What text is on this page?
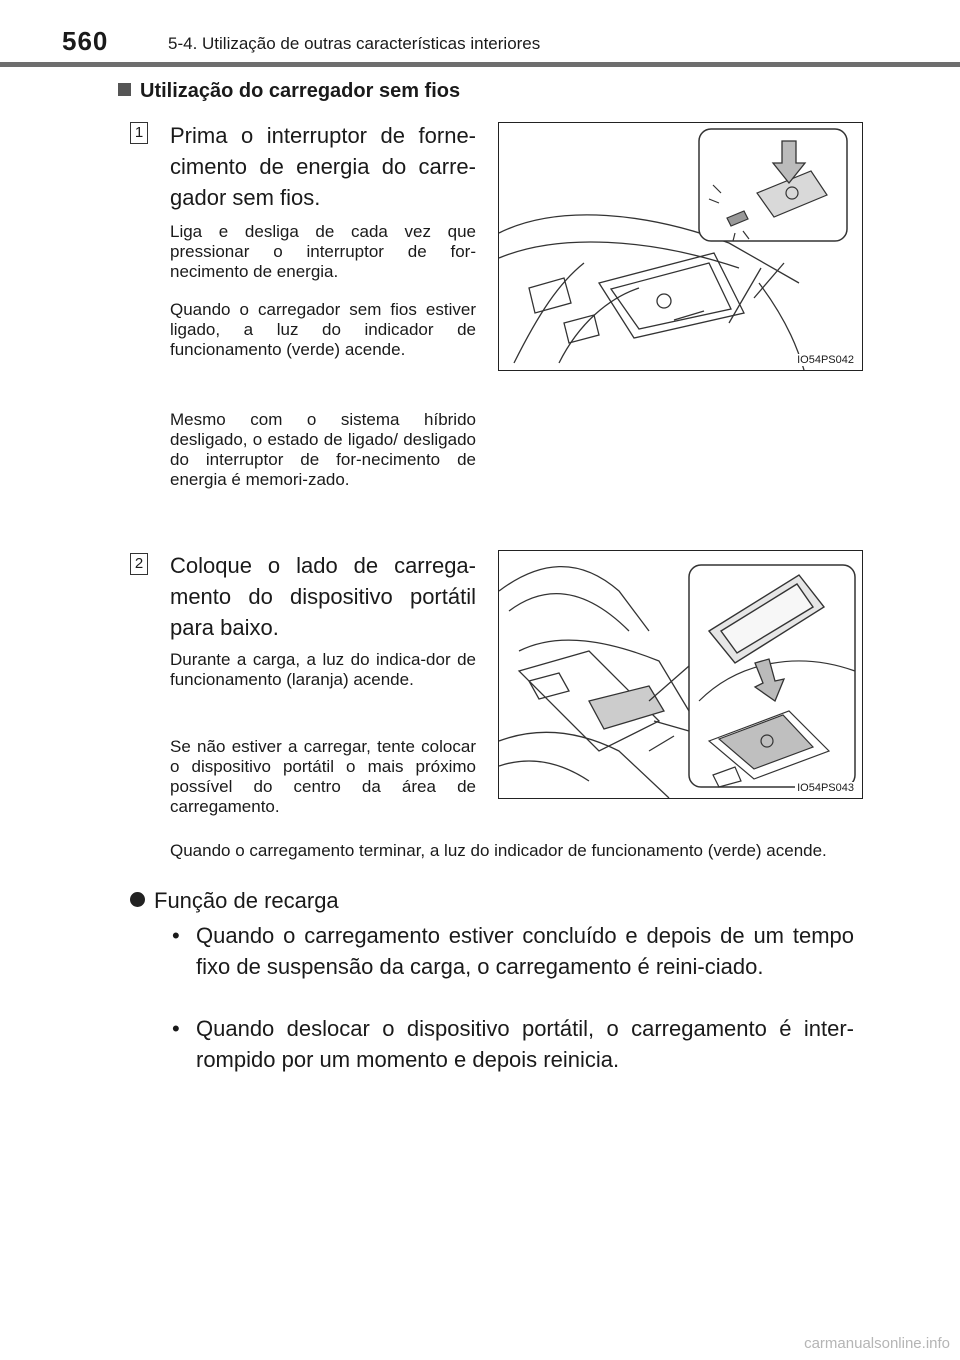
560	5-4. Utilização de outras características interiores
Utilização do carregador sem fios
1 Prima o interruptor de forne-cimento de energia do carre-gador sem fios.
Liga e desliga de cada vez que pressionar o interruptor de for-necimento de energia.
Quando o carregador sem fios estiver ligado, a luz do indicador de funcionamento (verde) acende.
Mesmo com o sistema híbrido desligado, o estado de ligado/ desligado do interruptor de for-necimento de energia é memori-zado.
IO54PS042
2 Coloque o lado de carrega-mento do dispositivo portátil para baixo.
Durante a carga, a luz do indica-dor de funcionamento (laranja) acende.
Se não estiver a carregar, tente colocar o dispositivo portátil o mais próximo possível do centro da área de carregamento.
IO54PS043
Quando o carregamento terminar, a luz do indicador de funcionamento (verde) acende.
Função de recarga
• Quando o carregamento estiver concluído e depois de um tempo fixo de suspensão da carga, o carregamento é reini-ciado.
• Quando deslocar o dispositivo portátil, o carregamento é inter-rompido por um momento e depois reinicia.
carmanualsonline.info
